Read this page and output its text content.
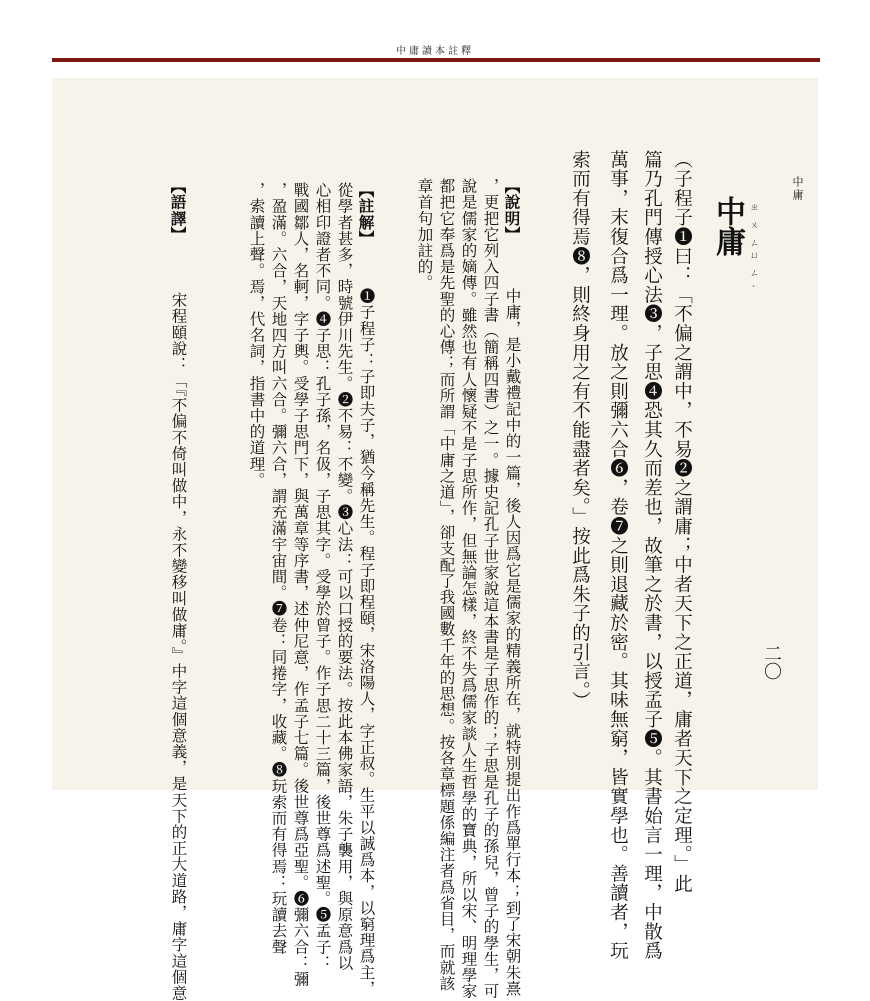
中庸讀本註釋
中庸
二〇
中庸 ㄓㄨㄥ
ㄩㄥˊ
（子程子❶曰：「不偏之謂中，不易❷之謂庸；中者天下之正道，庸者天下之定理。」此
篇乃孔門傳授心法❸，子思❹恐其久而差也，故筆之於書，以授孟子❺。其書始言一理，中散爲
萬事，末復合爲一理。放之則彌六合❻，卷❼之則退藏於密。其味無窮，皆實學也。善讀者，玩
索而有得焉❽，則終身用之有不能盡者矣。」按此爲朱子的引言。）
【說明】
中庸，是小戴禮記中的一篇，後人因爲它是儒家的精義所在，就特別提出作爲單行本；到了宋朝朱熹
，更把它列入四子書（簡稱四書）之一。據史記孔子世家說這本書是子思作的；子思是孔子的孫兒，曾子的學生，可
說是儒家的嫡傳。雖然也有人懷疑不是子思所作，但無論怎樣，終不失爲儒家談人生哲學的寶典，所以宋、明理學家
都把它奉爲是先聖的心傳；而所謂「中庸之道」，卻支配了我國數千年的思想。按各章標題係編注者爲省目，而就該
章首句加註的。
【註解】
❶子程子：子即夫子，猶今稱先生。程子即程頤，宋洛陽人，字正叔。生平以誠爲本，以窮理爲主，
從學者甚多，時號伊川先生。❷不易：不變。❸心法：可以口授的要法。按此本佛家語，朱子襲用，與原意爲以
心相印證者不同。❹子思：孔子孫，名伋，子思其字。受學於曾子。作子思二十三篇，後世尊爲述聖。❺孟子：
戰國鄒人，名軻，字子輿。受學子思門下，與萬章等序書，述仲尼意，作孟子七篇。後世尊爲亞聖。❻彌六合：彌
，盈滿。六合，天地四方叫六合。彌六合，謂充滿宇宙間。❼卷：同捲字，收藏。❽玩索而有得焉：玩讀去聲
，索讀上聲。焉，代名詞，指書中的道理。
【語譯】
宋程頤說：「『不偏不倚叫做中，永不變移叫做庸。』中字這個意義，是天下的正大道路，庸字這個意
